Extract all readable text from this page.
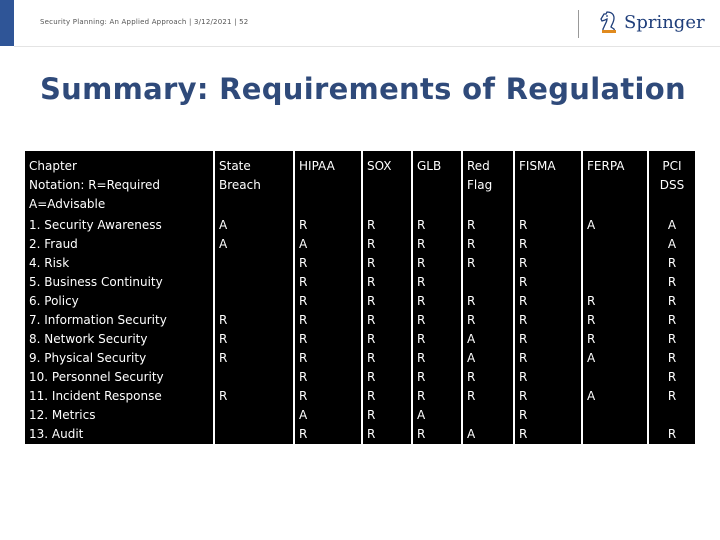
Security Planning: An Applied Approach | 3/12/2021 | 52	Springer
Summary: Requirements of Regulation
Chapter	State	HIPAA	SOX	GLB	Red	FISMA	FERPA	PCI

Notation: R=Required
A=Advisable	Breach				Flag			DSS
1. Security Awareness	A	R	R	R	R	R	A	A
2. Fraud	A	A	R	R	R	R		A
4. Risk		R	R	R	R	R		R
5. Business Continuity		R	R	R		R		R
6. Policy		R	R	R	R	R	R	R
7. Information Security	R	R	R	R	R	R	R	R
8. Network Security	R	R	R	R	A	R	R	R
9. Physical Security	R	R	R	R	A	R	A	R
10. Personnel Security		R	R	R	R	R		R
11. Incident Response	R	R	R	R	R	R	A	R
12. Metrics		A	R	A		R		
13. Audit		R	R	R	A	R		R
